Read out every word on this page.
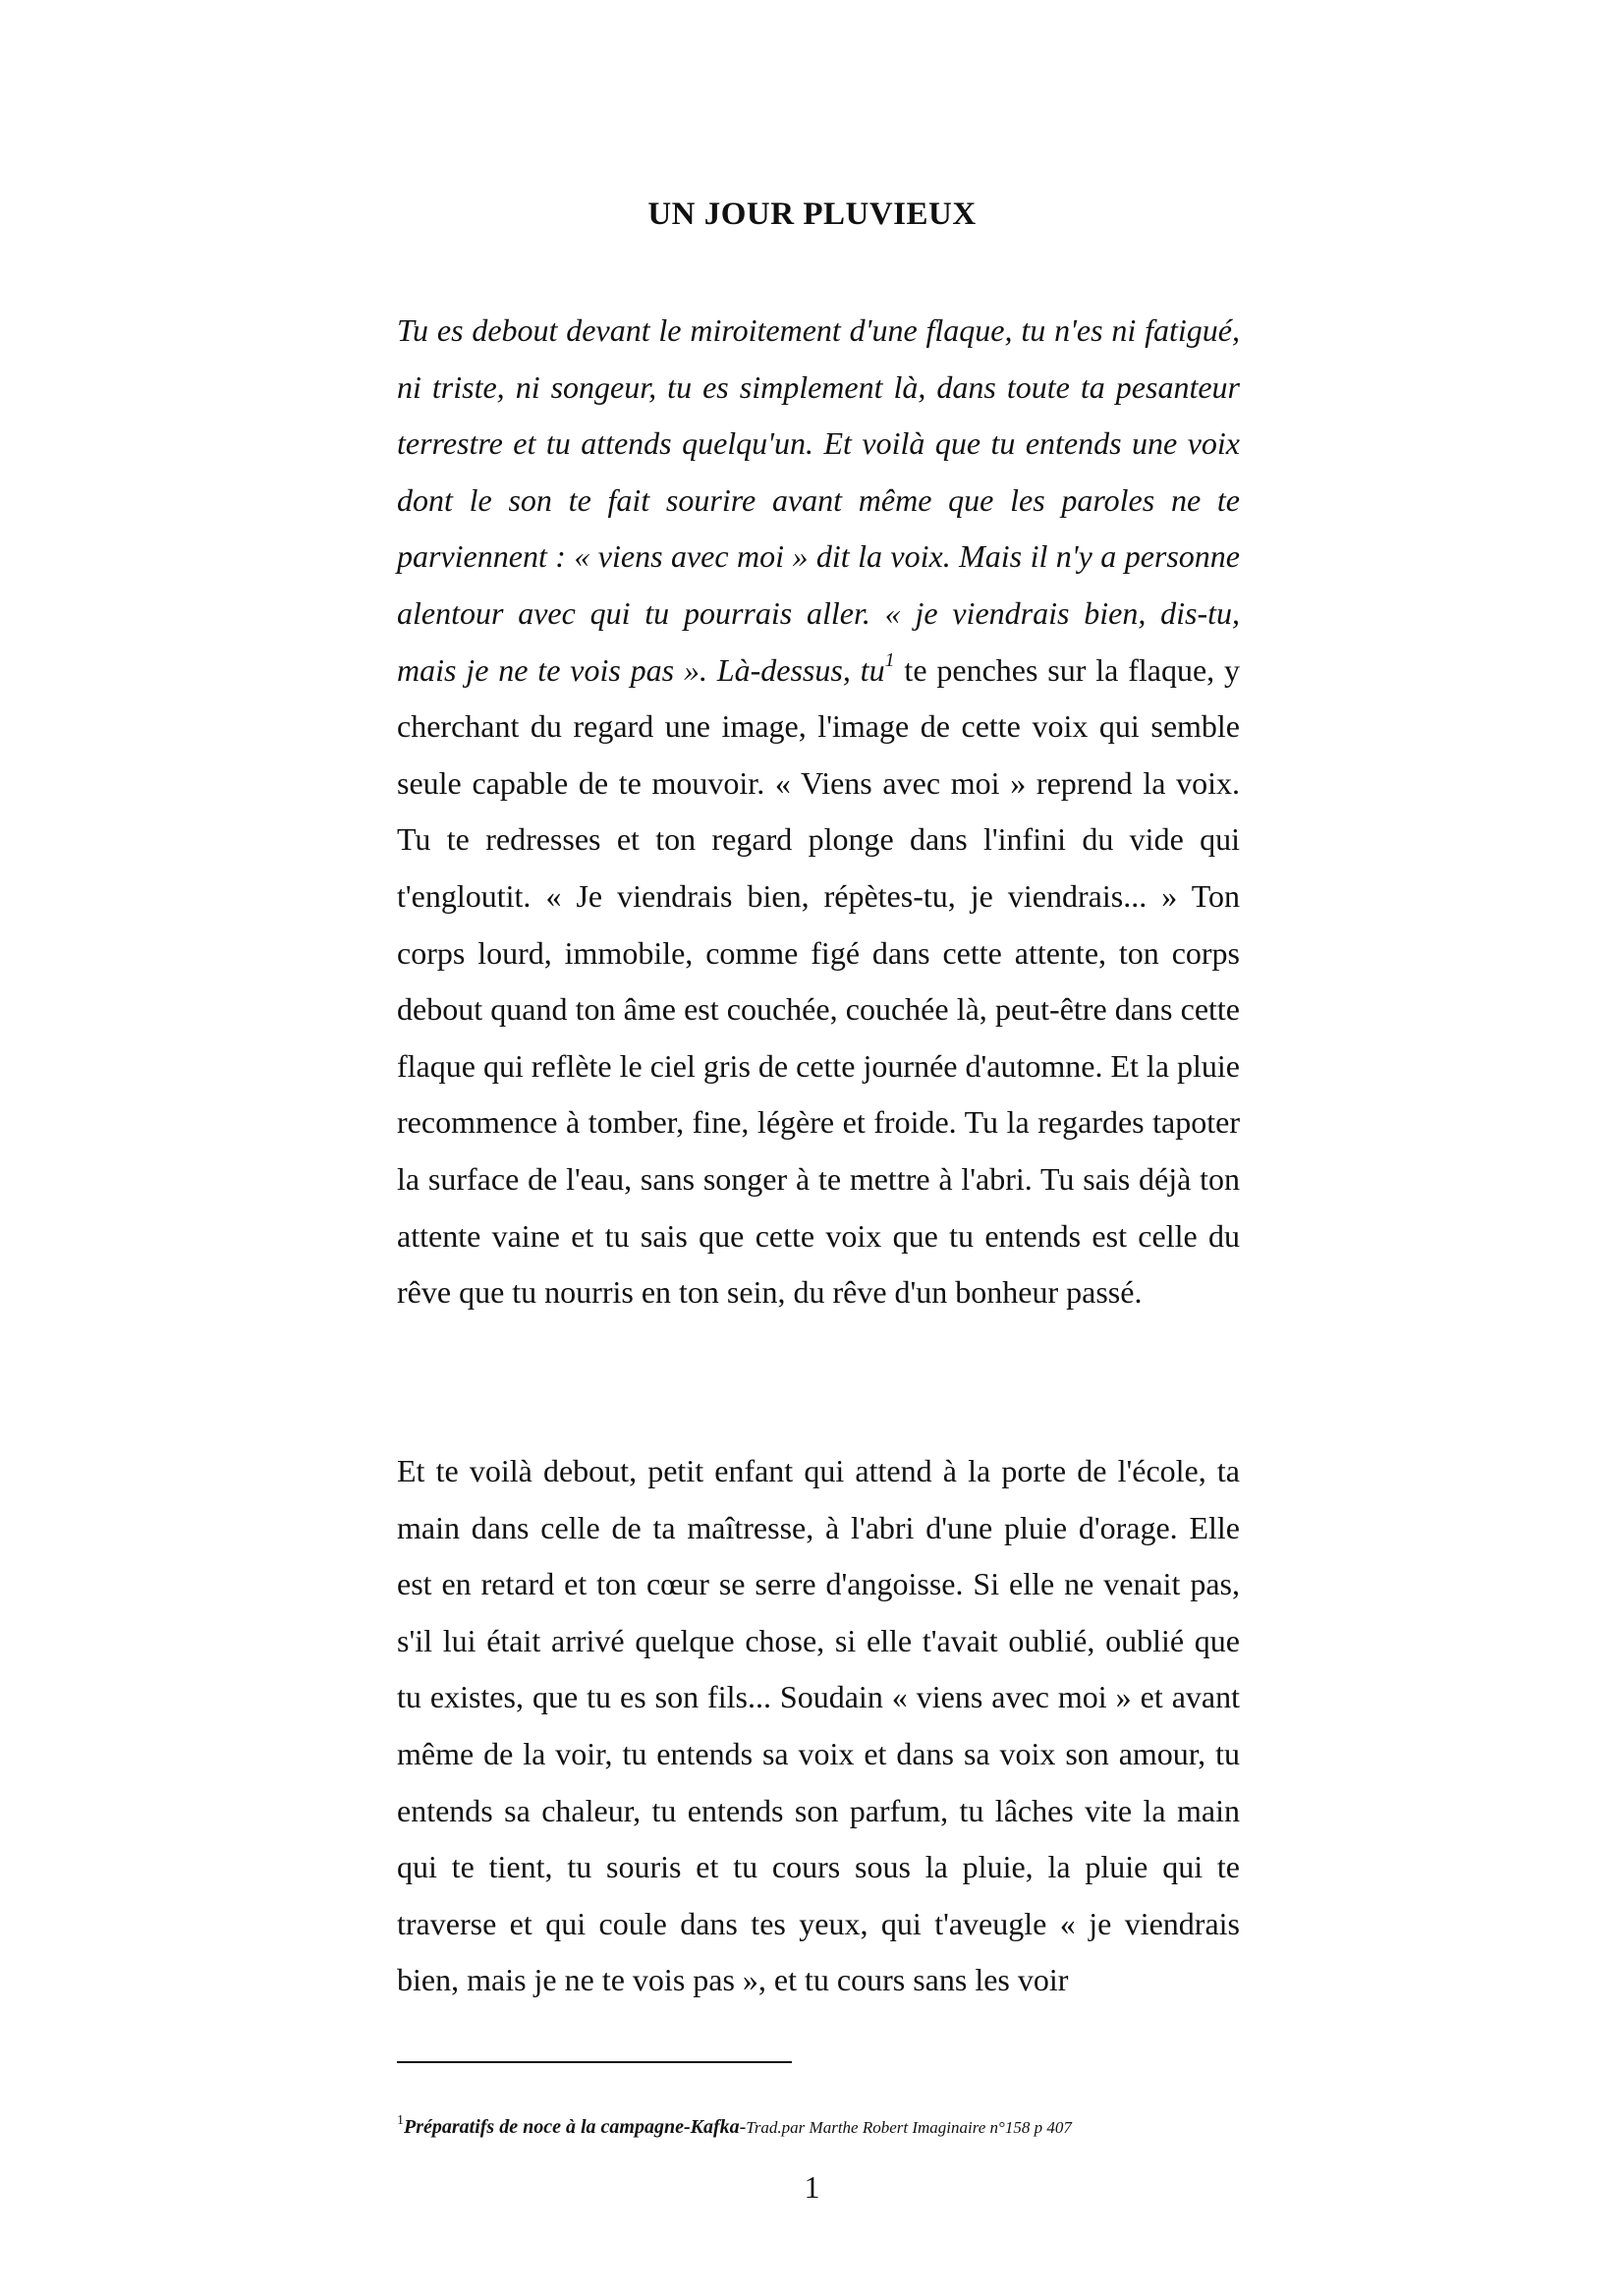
UN JOUR PLUVIEUX

Tu es debout devant le miroitement d'une flaque, tu n'es ni fatigué, ni triste, ni songeur, tu es simplement là, dans toute ta pesanteur terrestre et tu attends quelqu'un. Et voilà que tu entends une voix dont le son te fait sourire avant même que les paroles ne te parviennent : « viens avec moi » dit la voix. Mais il n'y a personne alentour avec qui tu pourrais aller. « je viendrais bien, dis-tu, mais je ne te vois pas ». Là-dessus, tu$^1$ te penches sur la flaque, y cherchant du regard une image, l'image de cette voix qui semble seule capable de te mouvoir. « Viens avec moi » reprend la voix. Tu te redresses et ton regard plonge dans l'infini du vide qui t'engloutit. « Je viendrais bien, répètes-tu, je viendrais... » Ton corps lourd, immobile, comme figé dans cette attente, ton corps debout quand ton âme est couchée, couchée là, peut-être dans cette flaque qui reflète le ciel gris de cette journée d'automne. Et la pluie recommence à tomber, fine, légère et froide. Tu la regardes tapoter la surface de l'eau, sans songer à te mettre à l'abri. Tu sais déjà ton attente vaine et tu sais que cette voix que tu entends est celle du rêve que tu nourris en ton sein, du rêve d'un bonheur passé.

Et te voilà debout, petit enfant qui attend à la porte de l'école, ta main dans celle de ta maîtresse, à l'abri d'une pluie d'orage. Elle est en retard et ton cœur se serre d'angoisse. Si elle ne venait pas, s'il lui était arrivé quelque chose, si elle t'avait oublié, oublié que tu existes, que tu es son fils... Soudain « viens avec moi » et avant même de la voir, tu entends sa voix et dans sa voix son amour, tu entends sa chaleur, tu entends son parfum, tu lâches vite la main qui te tient, tu souris et tu cours sous la pluie, la pluie qui te traverse et qui coule dans tes yeux, qui t'aveugle « je viendrais bien, mais je ne te vois pas », et tu cours sans les voir

$^1$Préparatifs de noce à la campagne-Kafka-Trad.par Marthe Robert Imaginaire n°158 p 407
1
